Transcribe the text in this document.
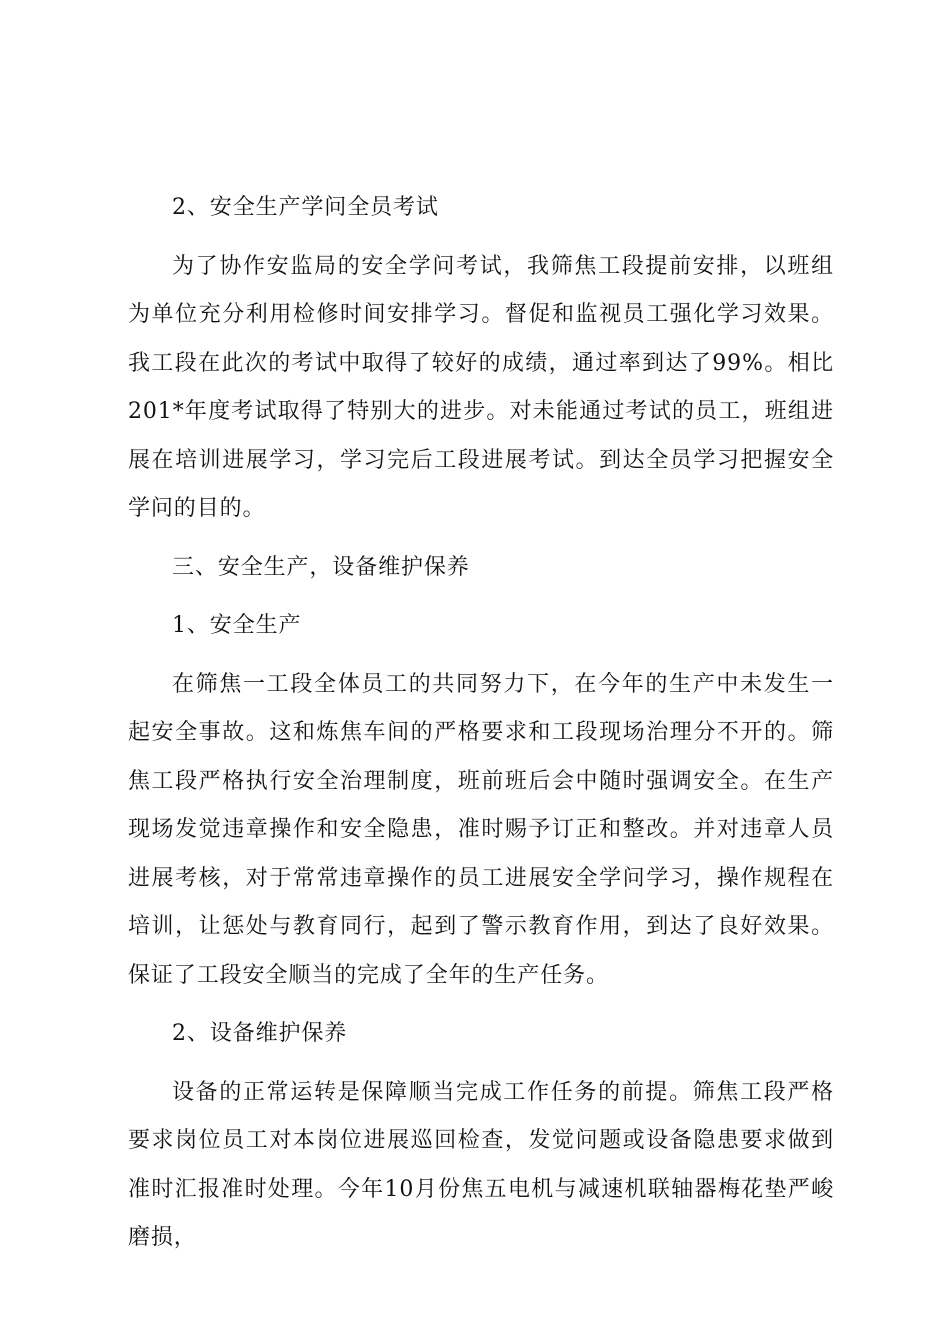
2、安全生产学问全员考试

为了协作安监局的安全学问考试，我筛焦工段提前安排，以班组为单位充分利用检修时间安排学习。督促和监视员工强化学习效果。我工段在此次的考试中取得了较好的成绩，通过率到达了99%。相比201*年度考试取得了特别大的进步。对未能通过考试的员工，班组进展在培训进展学习，学习完后工段进展考试。到达全员学习把握安全学问的目的。

三、安全生产，设备维护保养

1、安全生产

在筛焦一工段全体员工的共同努力下，在今年的生产中未发生一起安全事故。这和炼焦车间的严格要求和工段现场治理分不开的。筛焦工段严格执行安全治理制度，班前班后会中随时强调安全。在生产现场发觉违章操作和安全隐患，准时赐予订正和整改。并对违章人员进展考核，对于常常违章操作的员工进展安全学问学习，操作规程在培训，让惩处与教育同行，起到了警示教育作用，到达了良好效果。保证了工段安全顺当的完成了全年的生产任务。

2、设备维护保养

设备的正常运转是保障顺当完成工作任务的前提。筛焦工段严格要求岗位员工对本岗位进展巡回检查，发觉问题或设备隐患要求做到准时汇报准时处理。今年10月份焦五电机与减速机联轴器梅花垫严峻磨损，
